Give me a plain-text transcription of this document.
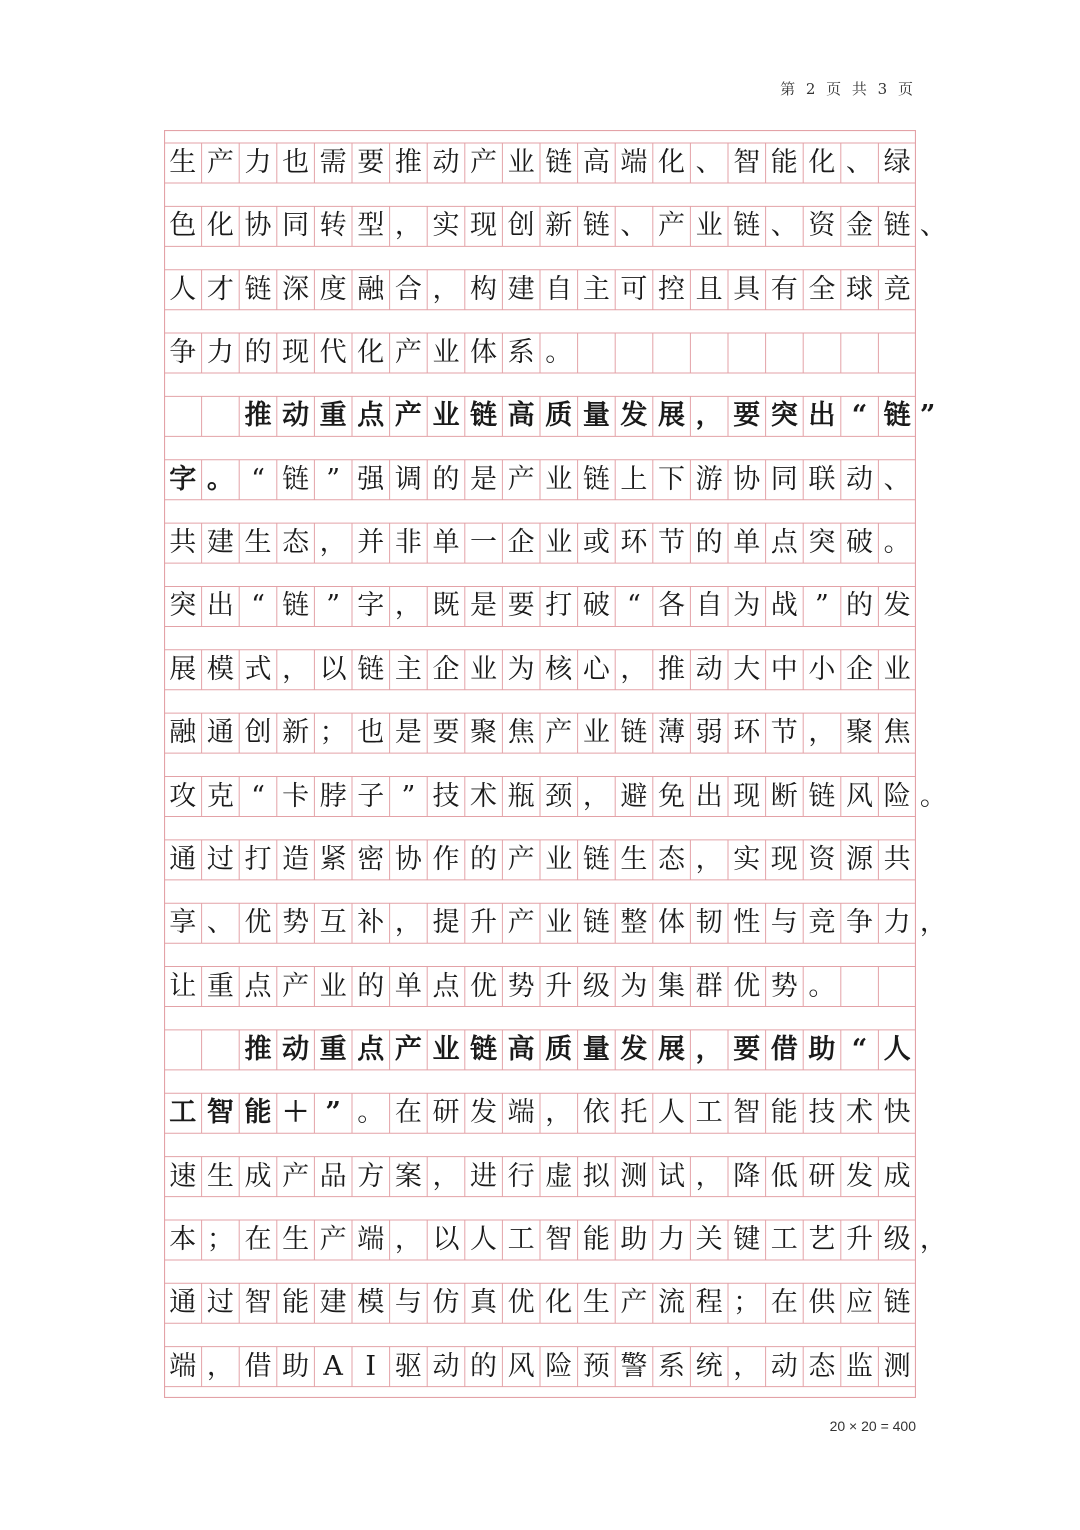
第 2 页 共 3 页
生 产 力 也 需 要 推 动 产 业 链 高 端 化 、 智 能 化 、 绿
色 化 协 同 转 型 ， 实 现 创 新 链 、 产 业 链 、 资 金 链 、
人 才 链 深 度 融 合 ， 构 建 自 主 可 控 且 具 有 全 球 竞
争 力 的 现 代 化 产 业 体 系 。
推 动 重 点 产 业 链 高 质 量 发 展 ， 要 突 出 “ 链 ”
字 。 “ 链 ” 强 调 的 是 产 业 链 上 下 游 协 同 联 动 、
共 建 生 态 ， 并 非 单 一 企 业 或 环 节 的 单 点 突 破 。
突 出 “ 链 ” 字 ， 既 是 要 打 破 “ 各 自 为 战 ” 的 发
展 模 式 ， 以 链 主 企 业 为 核 心 ， 推 动 大 中 小 企 业
融 通 创 新 ； 也 是 要 聚 焦 产 业 链 薄 弱 环 节 ， 聚 焦
攻 克 “ 卡 脖 子 ” 技 术 瓶 颈 ， 避 免 出 现 断 链 风 险 。
通 过 打 造 紧 密 协 作 的 产 业 链 生 态 ， 实 现 资 源 共
享 、 优 势 互 补 ， 提 升 产 业 链 整 体 韧 性 与 竞 争 力 ，
让 重 点 产 业 的 单 点 优 势 升 级 为 集 群 优 势 。
推 动 重 点 产 业 链 高 质 量 发 展 ， 要 借 助 “ 人
工 智 能 ＋ ” 。 在 研 发 端 ， 依 托 人 工 智 能 技 术 快
速 生 成 产 品 方 案 ， 进 行 虚 拟 测 试 ， 降 低 研 发 成
本 ； 在 生 产 端 ， 以 人 工 智 能 助 力 关 键 工 艺 升 级 ，
通 过 智 能 建 模 与 仿 真 优 化 生 产 流 程 ； 在 供 应 链
端 ， 借 助 A I 驱 动 的 风 险 预 警 系 统 ， 动 态 监 测
20 × 20 = 400
